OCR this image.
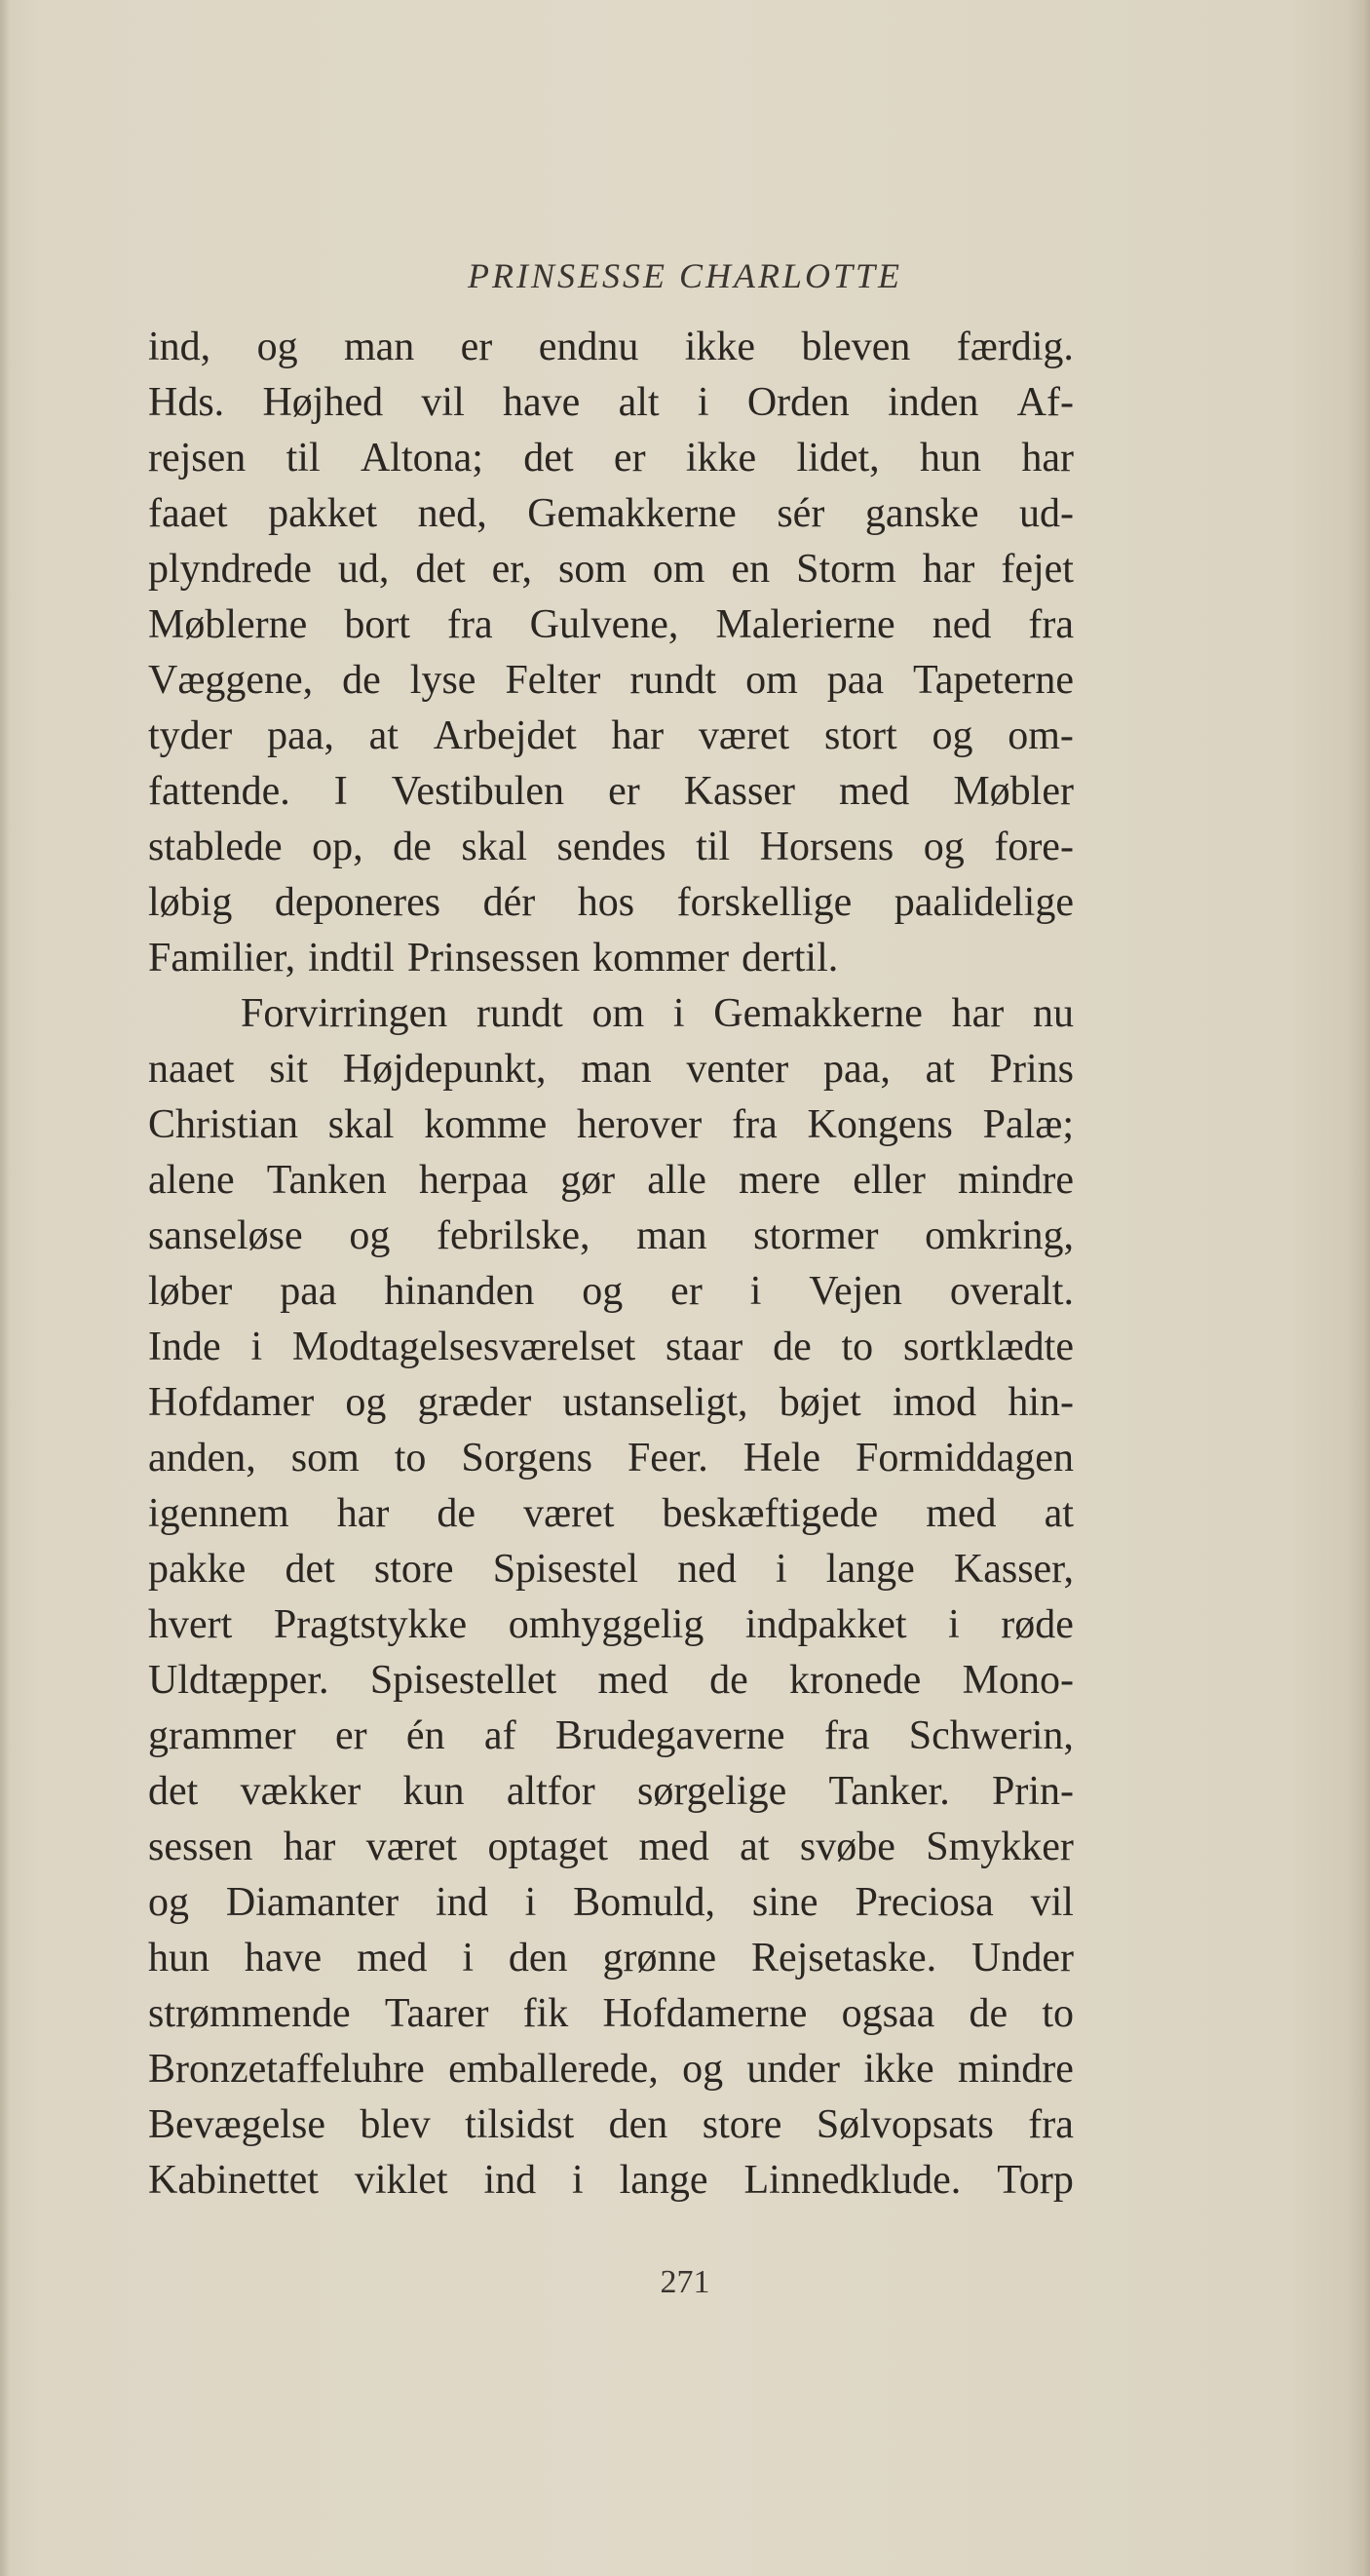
PRINSESSE CHARLOTTE
ind, og man er endnu ikke bleven færdig.
Hds. Højhed vil have alt i Orden inden Af-
rejsen til Altona; det er ikke lidet, hun har
faaet pakket ned, Gemakkerne sér ganske ud-
plyndrede ud, det er, som om en Storm har fejet
Møblerne bort fra Gulvene, Malerierne ned fra
Væggene, de lyse Felter rundt om paa Tapeterne
tyder paa, at Arbejdet har været stort og om-
fattende. I Vestibulen er Kasser med Møbler
stablede op, de skal sendes til Horsens og fore-
løbig deponeres dér hos forskellige paalidelige
Familier, indtil Prinsessen kommer dertil.
Forvirringen rundt om i Gemakkerne har nu
naaet sit Højdepunkt, man venter paa, at Prins
Christian skal komme herover fra Kongens Palæ;
alene Tanken herpaa gør alle mere eller mindre
sanseløse og febrilske, man stormer omkring,
løber paa hinanden og er i Vejen overalt.
Inde i Modtagelsesværelset staar de to sortklædte
Hofdamer og græder ustanseligt, bøjet imod hin-
anden, som to Sorgens Feer. Hele Formiddagen
igennem har de været beskæftigede med at
pakke det store Spisestel ned i lange Kasser,
hvert Pragtstykke omhyggelig indpakket i røde
Uldtæpper. Spisestellet med de kronede Mono-
grammer er én af Brudegaverne fra Schwerin,
det vækker kun altfor sørgelige Tanker. Prin-
sessen har været optaget med at svøbe Smykker
og Diamanter ind i Bomuld, sine Preciosa vil
hun have med i den grønne Rejsetaske. Under
strømmende Taarer fik Hofdamerne ogsaa de to
Bronzetaffeluhre emballerede, og under ikke mindre
Bevægelse blev tilsidst den store Sølvopsats fra
Kabinettet viklet ind i lange Linnedklude. Torp
271
